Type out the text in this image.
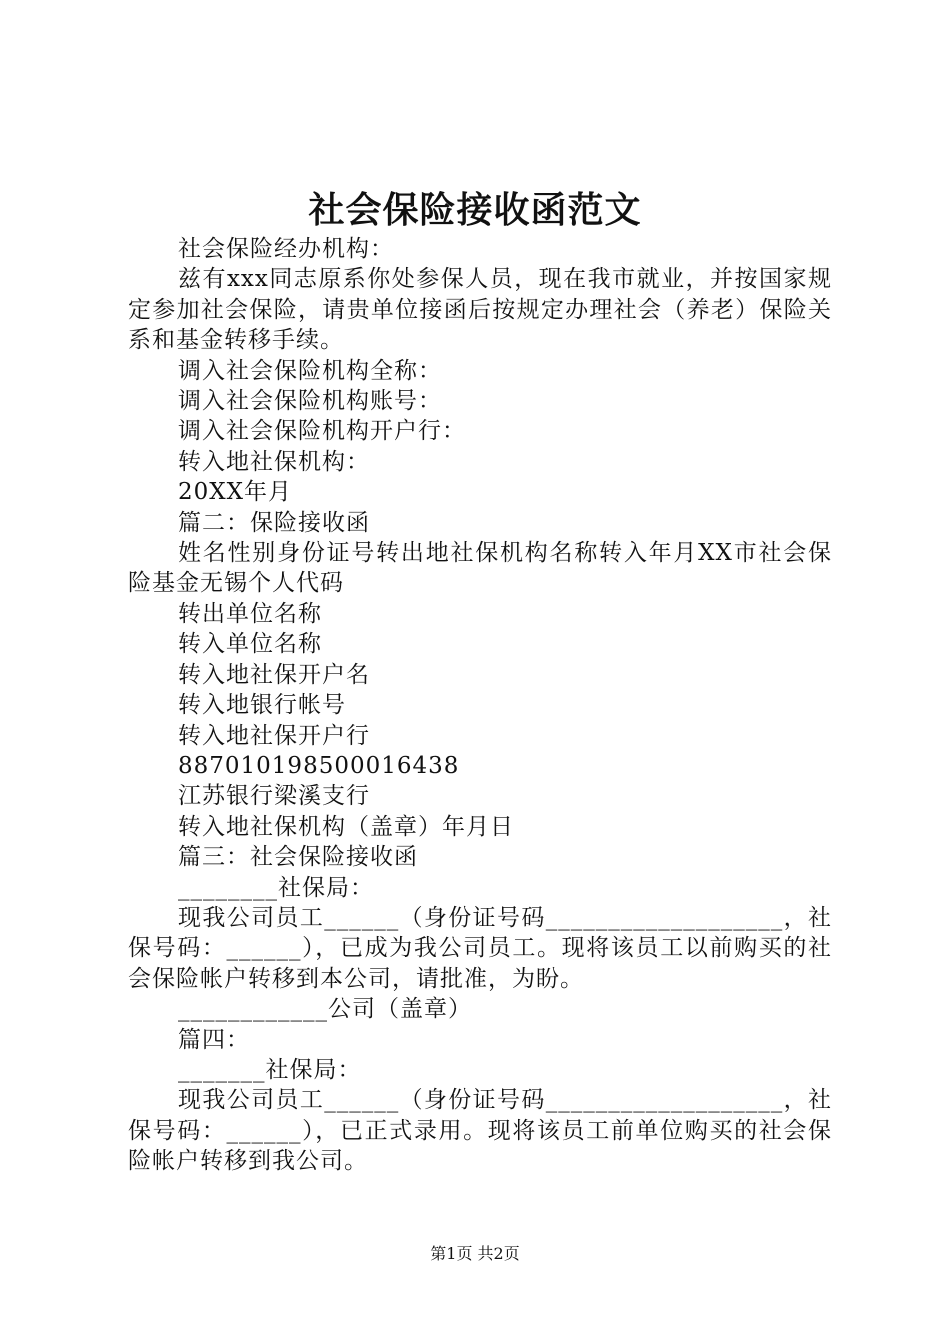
社会保险接收函范文

社会保险经办机构：

兹有xxx同志原系你处参保人员，现在我市就业，并按国家规定参加社会保险，请贵单位接函后按规定办理社会（养老）保险关系和基金转移手续。

调入社会保险机构全称：

调入社会保险机构账号：

调入社会保险机构开户行：

转入地社保机构：

20XX年月

篇二：保险接收函

姓名性别身份证号转出地社保机构名称转入年月XX市社会保险基金无锡个人代码

转出单位名称

转入单位名称

转入地社保开户名

转入地银行帐号

转入地社保开户行

887010198500016438

江苏银行梁溪支行

转入地社保机构（盖章）年月日

篇三：社会保险接收函

________社保局：

现我公司员工______（身份证号码___________________，社保号码：______），已成为我公司员工。现将该员工以前购买的社会保险帐户转移到本公司，请批准，为盼。

____________公司（盖章）

篇四：

_______社保局：

现我公司员工______（身份证号码___________________，社保号码：______），已正式录用。现将该员工前单位购买的社会保险帐户转移到我公司。

第1页 共2页
